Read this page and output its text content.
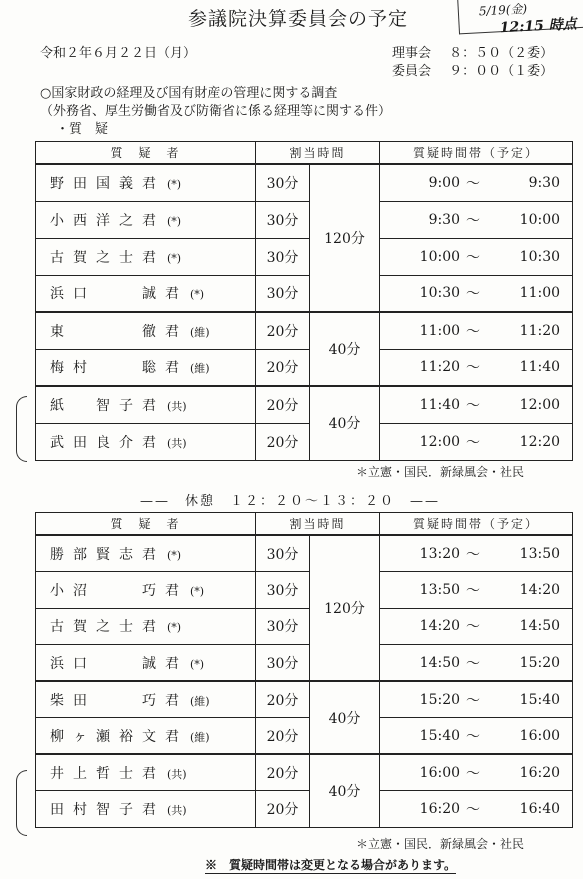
参議院決算委員会の予定	5/19(金)
12:15 時点
令和２年６月２２日（月）	理事会 ８：５０（２委）
委員会 ９：００（１委）
○国家財政の経理及び国有財産の管理に関する調査
（外務省、厚生労働省及び防衛省に係る経理等に関する件）
・質　疑
質　疑　者	割当時間		質疑時間帯（予定）
野田国義君 (*)	30分	120分	9:00 〜 9:30

小西洋之君 (*)	30分		9:30 〜 10:00

古賀之士君 (*)	30分		10:00 〜 10:30

浜口　　誠君 (*)	30分		10:30 〜 11:00

東　　　徹君 (維)	20分	40分	11:00 〜 11:20

梅村　　聡君 (維)	20分		11:20 〜 11:40

紙　智子君 (共)	20分	40分	11:40 〜 12:00

武田良介君 (共)	20分		12:00 〜 12:20
＊立憲・国民．新緑風会・社民
——　休憩　１２：２０〜１３：２０　——
質　疑　者	割当時間		質疑時間帯（予定）
勝部賢志君 (*)	30分	120分	13:20 〜 13:50

小沼　　巧君 (*)	30分		13:50 〜 14:20

古賀之士君 (*)	30分		14:20 〜 14:50

浜口　　誠君 (*)	30分		14:50 〜 15:20

柴田　　巧君 (維)	20分	40分	15:20 〜 15:40

柳ヶ瀬裕文君 (維)	20分		15:40 〜 16:00

井上哲士君 (共)	20分	40分	16:00 〜 16:20

田村智子君 (共)	20分		16:20 〜 16:40
＊立憲・国民．新緑風会・社民
※　質疑時間帯は変更となる場合があります。
